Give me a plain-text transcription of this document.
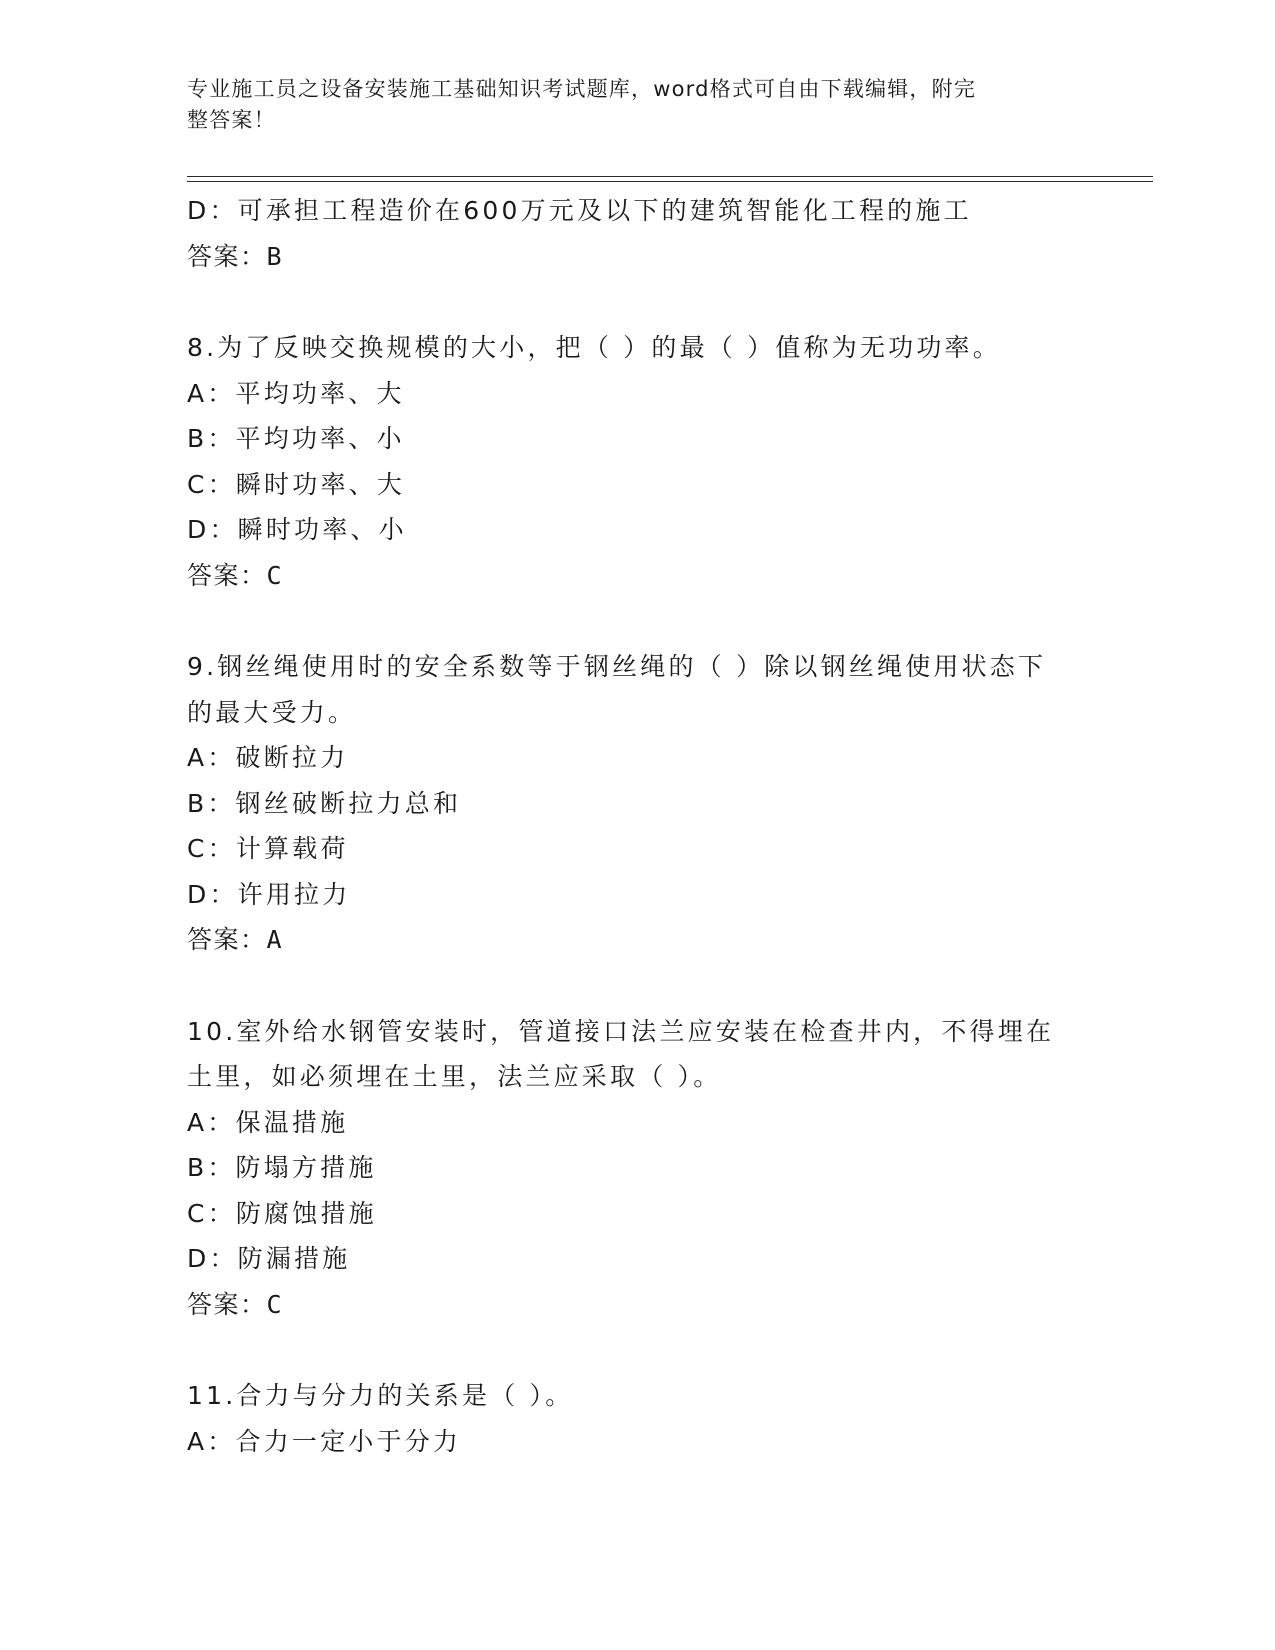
专业施工员之设备安装施工基础知识考试题库，word格式可自由下载编辑，附完
整答案！
D：可承担工程造价在600万元及以下的建筑智能化工程的施工
答案：B
8.为了反映交换规模的大小，把（ ）的最（ ）值称为无功功率。
A：平均功率、大
B：平均功率、小
C：瞬时功率、大
D：瞬时功率、小
答案：C
9.钢丝绳使用时的安全系数等于钢丝绳的（ ）除以钢丝绳使用状态下
的最大受力。
A：破断拉力
B：钢丝破断拉力总和
C：计算载荷
D：许用拉力
答案：A
10.室外给水钢管安装时，管道接口法兰应安装在检查井内，不得埋在
土里，如必须埋在土里，法兰应采取（ ）。
A：保温措施
B：防塌方措施
C：防腐蚀措施
D：防漏措施
答案：C
11.合力与分力的关系是（ ）。
A：合力一定小于分力
